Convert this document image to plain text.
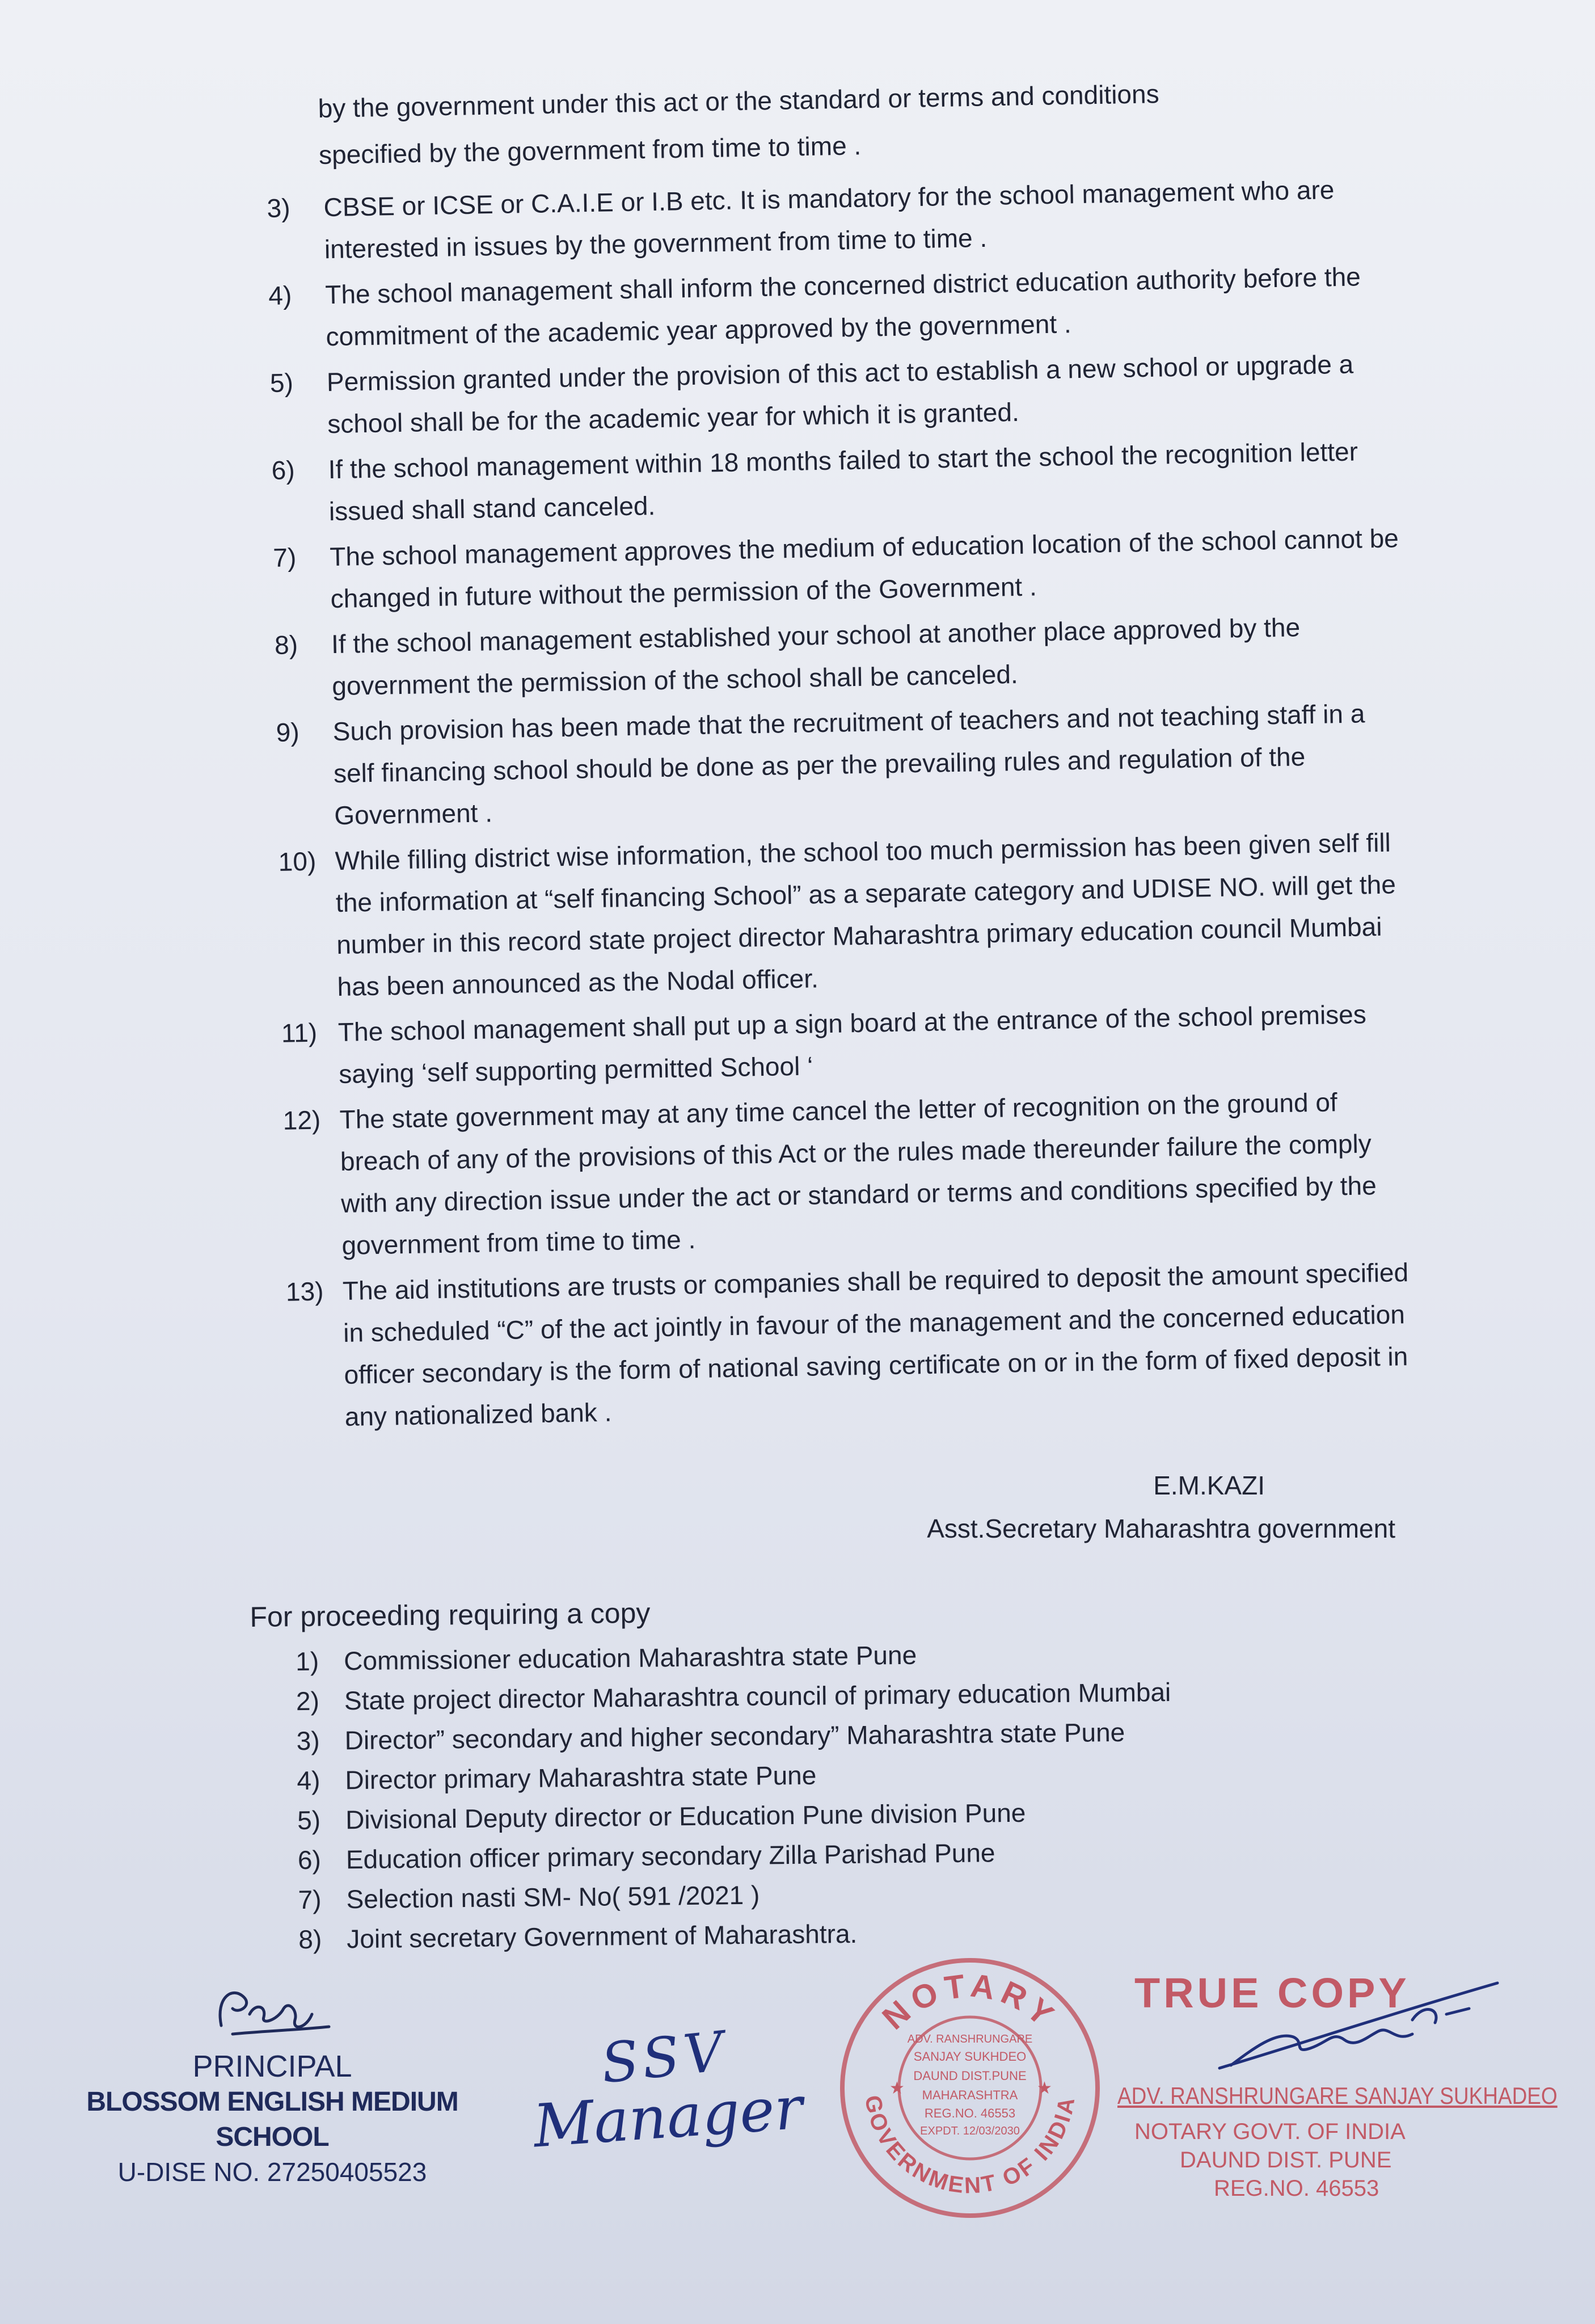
by the government under this act or the standard or terms and conditions
specified by the government from time to time .
3)	CBSE or ICSE or C.A.I.E or I.B etc. It is mandatory for the school management who are interested in issues by the government from time to time .
4)	The school management shall inform the concerned district education authority before the commitment of the academic year approved by the government .
5)	Permission granted under the provision of this act to establish a new school or upgrade a school shall be for the academic year for which it is granted.
6)	If the school management within 18 months failed to start the school the recognition letter issued shall stand canceled.
7)	The school management approves the medium of education location of the school cannot be changed in future without the permission of the Government .
8)	If the school management established your school at another place approved by the government the permission of the school shall be canceled.
9)	Such provision has been made that the recruitment of teachers and not teaching staff in a self financing school should be done as per the prevailing rules and regulation of the Government .
10) While filling district wise information, the school too much permission has been given self fill the information at “self financing School” as a separate category and UDISE NO. will get the number in this record state project director Maharashtra primary education council Mumbai has been announced as the Nodal officer.
11) The school management shall put up a sign board at the entrance of the school premises saying ‘self supporting permitted School ‘
12) The state government may at any time cancel the letter of recognition on the ground of breach of any of the provisions of this Act or the rules made thereunder failure the comply with any direction issue under the act or standard or terms and conditions specified by the government from time to time .
13) The aid institutions are trusts or companies shall be required to deposit the amount specified in scheduled “C” of the act jointly in favour of the management and the concerned education officer secondary is the form of national saving certificate on or in the form of fixed deposit in any nationalized bank .
E.M.KAZI
Asst.Secretary Maharashtra government
For proceeding requiring a copy
1) Commissioner education Maharashtra state Pune
2) State project director Maharashtra council of primary education Mumbai
3) Director” secondary and higher secondary” Maharashtra state Pune
4) Director primary Maharashtra state Pune
5) Divisional Deputy director or Education Pune division Pune
6) Education officer primary secondary Zilla Parishad Pune
7) Selection nasti SM- No( 591 /2021 )
8) Joint secretary Government of Maharashtra.
PRINCIPAL
BLOSSOM ENGLISH MEDIUM SCHOOL
U-DISE NO. 27250405523
SSV
Manager
NOTARY
GOVERNMENT OF INDIA
★	★
ADV. RANSHRUNGARE
SANJAY SUKHDEO
DAUND DIST.PUNE
MAHARASHTRA
REG.NO. 46553
EXPDT. 12/03/2030
TRUE COPY
ADV. RANSHRUNGARE SANJAY SUKHADEO
NOTARY GOVT. OF INDIA
DAUND DIST. PUNE
REG.NO. 46553
